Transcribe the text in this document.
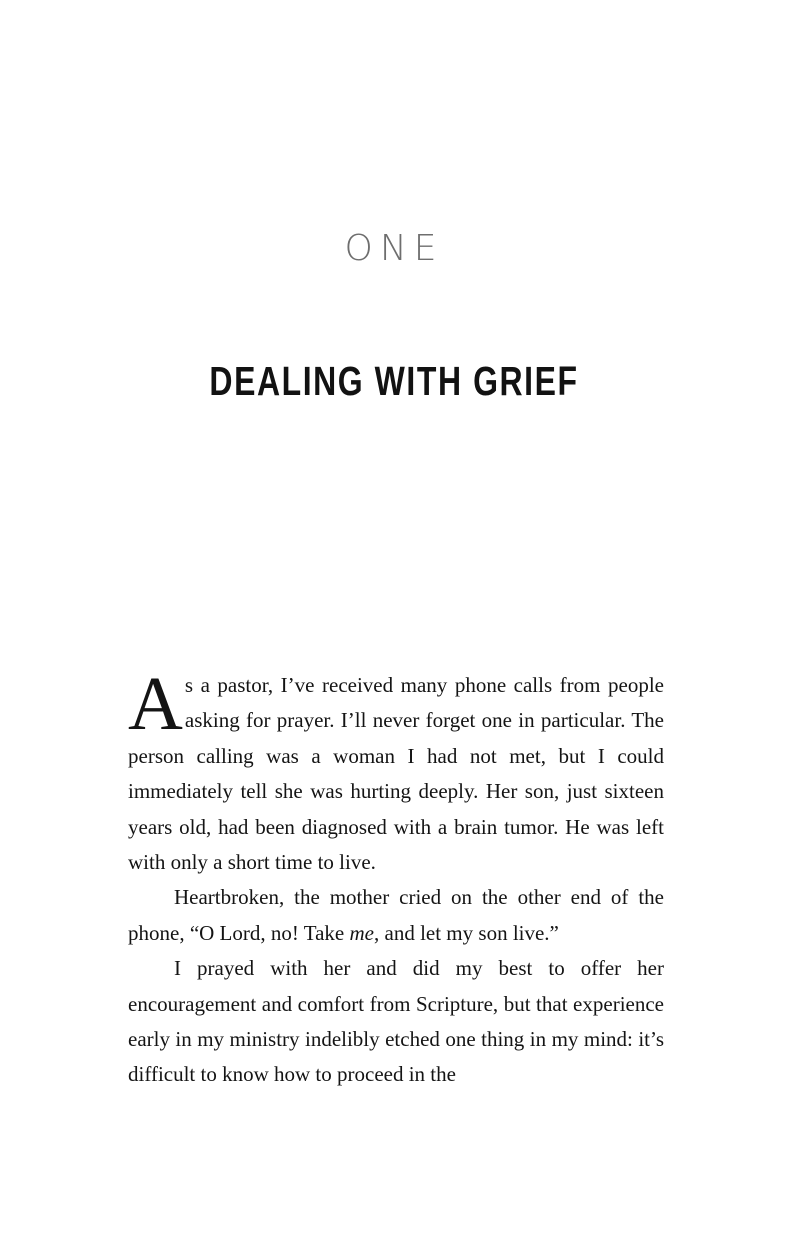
ONE
DEALING WITH GRIEF

As a pastor, I’ve received many phone calls from people asking for prayer. I’ll never forget one in particular. The person calling was a woman I had not met, but I could immediately tell she was hurting deeply. Her son, just sixteen years old, had been diagnosed with a brain tumor. He was left with only a short time to live.

Heartbroken, the mother cried on the other end of the phone, “O Lord, no! Take me, and let my son live.”

I prayed with her and did my best to offer her encouragement and comfort from Scripture, but that experience early in my ministry indelibly etched one thing in my mind: it’s difficult to know how to proceed in the
